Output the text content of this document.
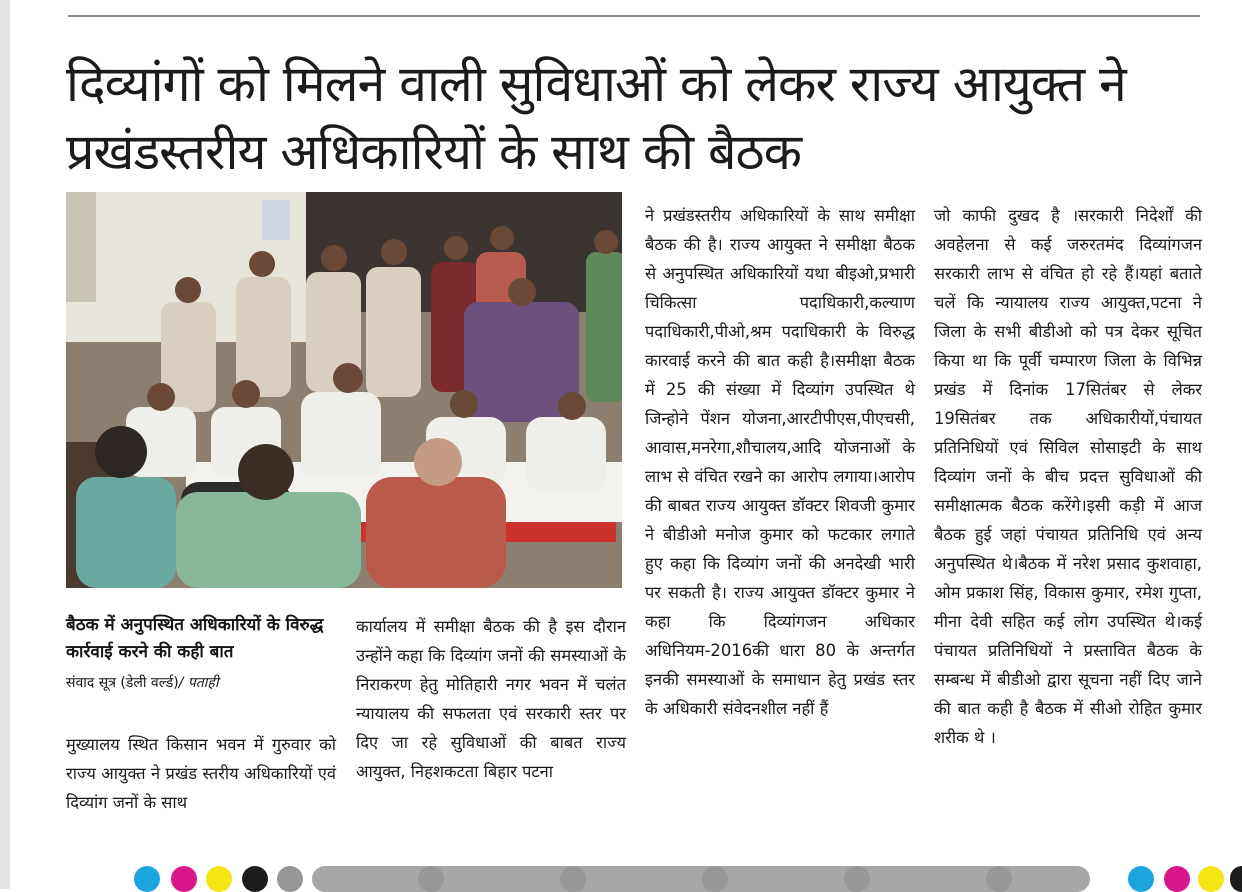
दिव्यांगों को मिलने वाली सुविधाओं को लेकर राज्य आयुक्त ने प्रखंडस्तरीय अधिकारियों के साथ की बैठक
बैठक में अनुपस्थित अधिकारियों के विरुद्ध कार्रवाई करने की कही बात
संवाद सूत्र (डेली वर्ल्ड)/ पताही

मुख्यालय स्थित किसान भवन में गुरुवार को राज्य आयुक्त ने प्रखंड स्तरीय अधिकारियों एवं दिव्यांग जनों के साथ

कार्यालय में समीक्षा बैठक की है इस दौरान उन्होंने कहा कि दिव्यांग जनों की समस्याओं के निराकरण हेतु मोतिहारी नगर भवन में चलंत न्यायालय की सफलता एवं सरकारी स्तर पर दिए जा रहे सुविधाओं की बाबत राज्य आयुक्त, निहशकटता बिहार पटना

ने प्रखंडस्तरीय अधिकारियों के साथ समीक्षा बैठक की है। राज्य आयुक्त ने समीक्षा बैठक से अनुपस्थित अधिकारियों यथा बीइओ,प्रभारी चिकित्सा पदाधिकारी,कल्याण पदाधिकारी,पीओ,श्रम पदाधिकारी के विरुद्ध कारवाई करने की बात कही है।समीक्षा बैठक में 25 की संख्या में दिव्यांग उपस्थित थे जिन्होने पेंशन योजना,आरटीपीएस,पीएचसी, आवास,मनरेगा,शौचालय,आदि योजनाओं के लाभ से वंचित रखने का आरोप लगाया।आरोप की बाबत राज्य आयुक्त डॉक्टर शिवजी कुमार ने बीडीओ मनोज कुमार को फटकार लगाते हुए कहा कि दिव्यांग जनों की अनदेखी भारी पर सकती है। राज्य आयुक्त डॉक्टर कुमार ने कहा कि दिव्यांगजन अधिकार अधिनियम-2016की धारा 80 के अन्तर्गत इनकी समस्याओं के समाधान हेतु प्रखंड स्तर के अधिकारी संवेदनशील नहीं हैं

जो काफी दुखद है ।सरकारी निदेर्शों की अवहेलना से कई जरुरतमंद दिव्यांगजन सरकारी लाभ से वंचित हो रहे हैं।यहां बताते चलें कि न्यायालय राज्य आयुक्त,पटना ने जिला के सभी बीडीओ को पत्र देकर सूचित किया था कि पूर्वी चम्पारण जिला के विभिन्न प्रखंड में दिनांक 17सितंबर से लेकर 19सितंबर तक अधिकारीयों,पंचायत प्रतिनिधियों एवं सिविल सोसाइटी के साथ दिव्यांग जनों के बीच प्रदत्त सुविधाओं की समीक्षात्मक बैठक करेंगे।इसी कड़ी में आज बैठक हुई जहां पंचायत प्रतिनिधि एवं अन्य अनुपस्थित थे।बैठक में नरेश प्रसाद कुशवाहा, ओम प्रकाश सिंह, विकास कुमार, रमेश गुप्ता, मीना देवी सहित कई लोग उपस्थित थे।कई पंचायत प्रतिनिधियों ने प्रस्तावित बैठक के सम्बन्ध में बीडीओ द्वारा सूचना नहीं दिए जाने की बात कही है बैठक में सीओ रोहित कुमार शरीक थे ।
